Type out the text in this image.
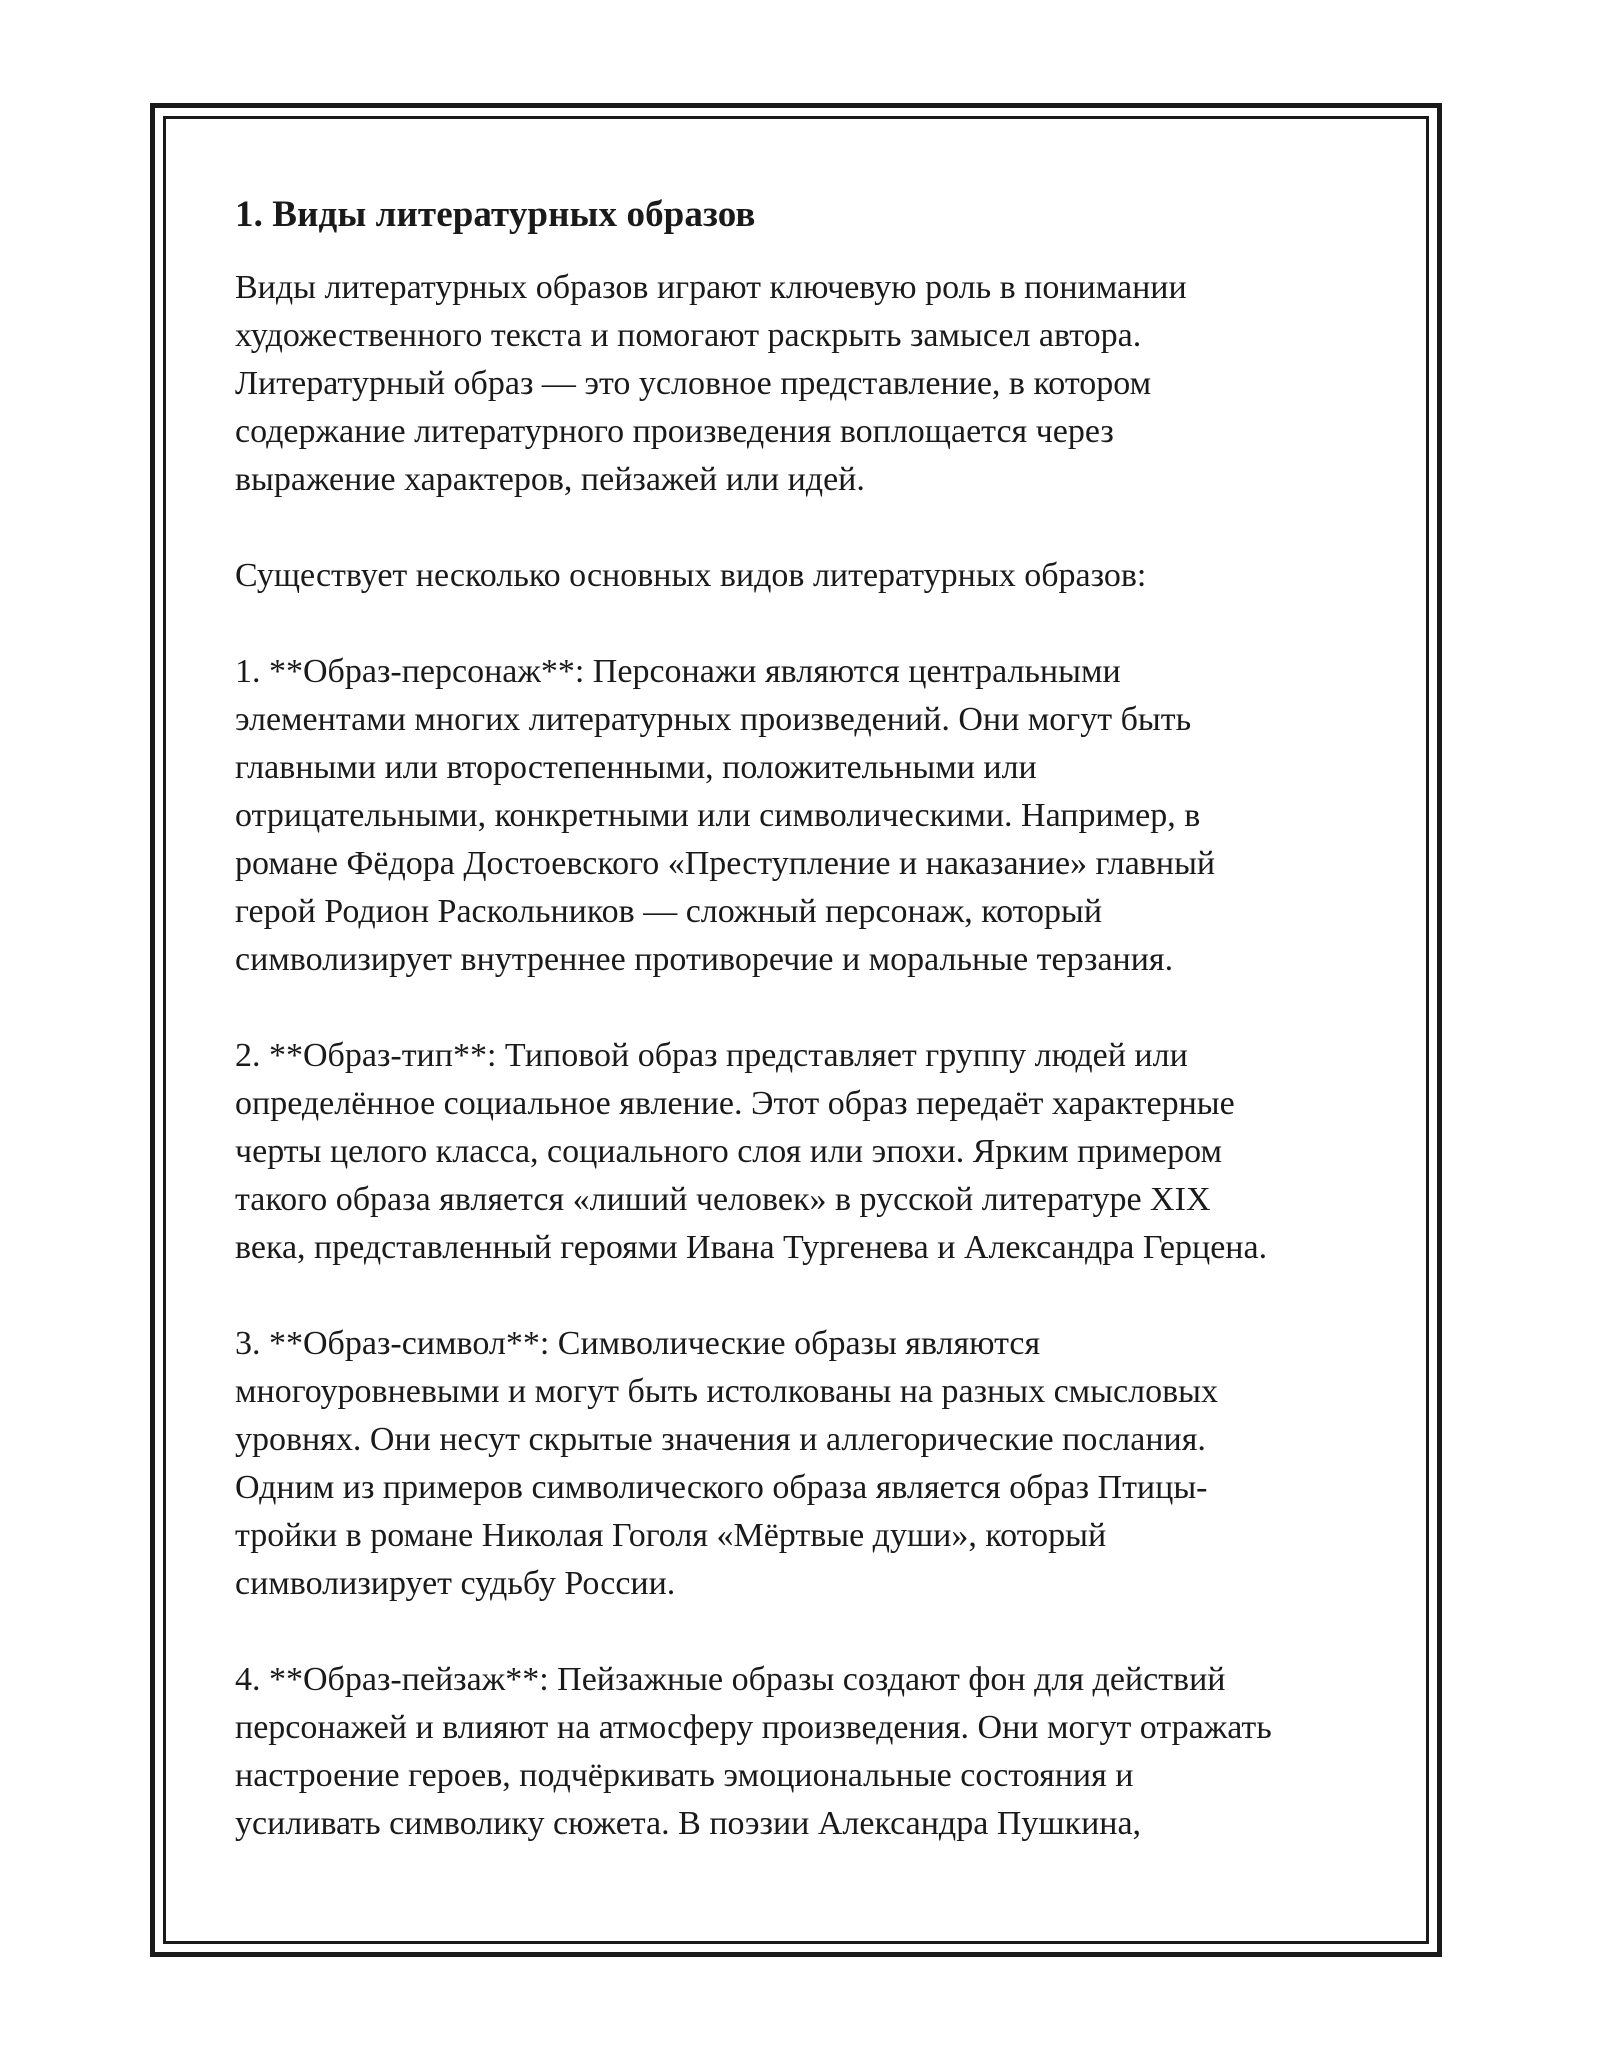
1. Виды литературных образов

Виды литературных образов играют ключевую роль в понимании
художественного текста и помогают раскрыть замысел автора.
Литературный образ — это условное представление, в котором
содержание литературного произведения воплощается через
выражение характеров, пейзажей или идей.

Существует несколько основных видов литературных образов:

1. **Образ-персонаж**: Персонажи являются центральными
элементами многих литературных произведений. Они могут быть
главными или второстепенными, положительными или
отрицательными, конкретными или символическими. Например, в
романе Фёдора Достоевского «Преступление и наказание» главный
герой Родион Раскольников — сложный персонаж, который
символизирует внутреннее противоречие и моральные терзания.

2. **Образ-тип**: Типовой образ представляет группу людей или
определённое социальное явление. Этот образ передаёт характерные
черты целого класса, социального слоя или эпохи. Ярким примером
такого образа является «лиший человек» в русской литературе XIX
века, представленный героями Ивана Тургенева и Александра Герцена.

3. **Образ-символ**: Символические образы являются
многоуровневыми и могут быть истолкованы на разных смысловых
уровнях. Они несут скрытые значения и аллегорические послания.
Одним из примеров символического образа является образ Птицы-
тройки в романе Николая Гоголя «Мёртвые души», который
символизирует судьбу России.

4. **Образ-пейзаж**: Пейзажные образы создают фон для действий
персонажей и влияют на атмосферу произведения. Они могут отражать
настроение героев, подчёркивать эмоциональные состояния и
усиливать символику сюжета. В поэзии Александра Пушкина,
